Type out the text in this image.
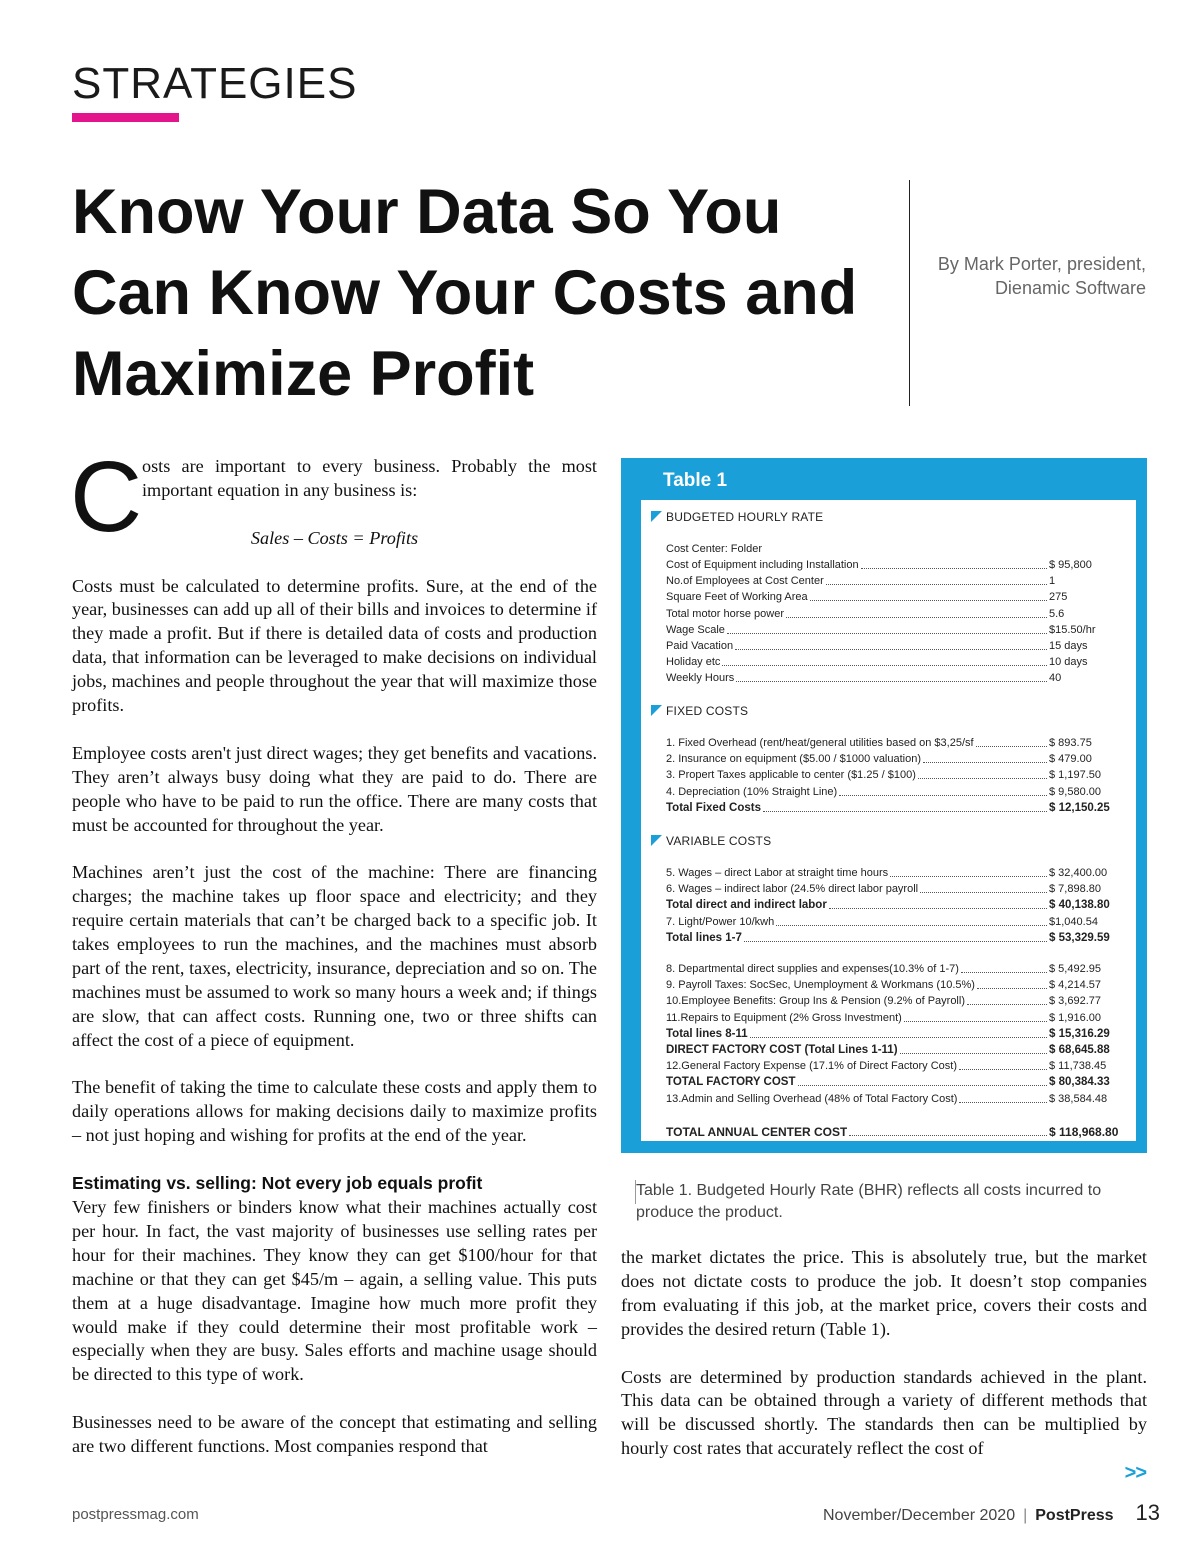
STRATEGIES
Know Your Data So You Can Know Your Costs and Maximize Profit
By Mark Porter, president, Dienamic Software
C osts are important to every business. Probably the most important equation in any business is:

Sales – Costs = Profits

Costs must be calculated to determine profits. Sure, at the end of the year, businesses can add up all of their bills and invoices to determine if they made a profit. But if there is detailed data of costs and production data, that information can be leveraged to make decisions on individual jobs, machines and people throughout the year that will maximize those profits.

Employee costs aren't just direct wages; they get benefits and vacations. They aren’t always busy doing what they are paid to do. There are people who have to be paid to run the office. There are many costs that must be accounted for throughout the year.

Machines aren’t just the cost of the machine: There are financing charges; the machine takes up floor space and electricity; and they require certain materials that can’t be charged back to a specific job. It takes employees to run the machines, and the machines must absorb part of the rent, taxes, electricity, insurance, depreciation and so on. The machines must be assumed to work so many hours a week and; if things are slow, that can affect costs. Running one, two or three shifts can affect the cost of a piece of equipment.

The benefit of taking the time to calculate these costs and apply them to daily operations allows for making decisions daily to maximize profits – not just hoping and wishing for profits at the end of the year.

Estimating vs. selling: Not every job equals profit

Very few finishers or binders know what their machines actually cost per hour. In fact, the vast majority of businesses use selling rates per hour for their machines. They know they can get $100/hour for that machine or that they can get $45/m – again, a selling value. This puts them at a huge disadvantage. Imagine how much more profit they would make if they could determine their most profitable work – especially when they are busy. Sales efforts and machine usage should be directed to this type of work.

Businesses need to be aware of the concept that estimating and selling are two different functions. Most companies respond that

Table 1
BUDGETED HOURLY RATE
Cost Center: Folder
Cost of Equipment including Installation	$ 95,800
No.of Employees at Cost Center	1
Square Feet of Working Area	275
Total motor horse power	5.6
Wage Scale	$15.50/hr
Paid Vacation	15 days
Holiday etc	10 days
Weekly Hours	40
FIXED COSTS
1. Fixed Overhead (rent/heat/general utilities based on $3,25/sf	$ 893.75
2. Insurance on equipment ($5.00 / $1000 valuation)	$ 479.00
3. Propert Taxes applicable to center ($1.25 / $100)	$ 1,197.50
4. Depreciation (10% Straight Line)	$ 9,580.00
Total Fixed Costs	$ 12,150.25
VARIABLE COSTS
5. Wages – direct Labor at straight time hours	$ 32,400.00
6. Wages – indirect labor (24.5% direct labor payroll	$ 7,898.80
Total direct and indirect labor	$ 40,138.80
7. Light/Power 10/kwh	$1,040.54
Total lines 1-7	$ 53,329.59
8. Departmental direct supplies and expenses(10.3% of 1-7)	$ 5,492.95
9. Payroll Taxes: SocSec, Unemployment & Workmans (10.5%)	$ 4,214.57
10.Employee Benefits: Group Ins & Pension (9.2% of Payroll)	$ 3,692.77
11.Repairs to Equipment (2% Gross Investment)	$ 1,916.00
Total lines 8-11	$ 15,316.29
DIRECT FACTORY COST (Total Lines 1-11)	$ 68,645.88
12.General Factory Expense (17.1% of Direct Factory Cost)	$ 11,738.45
TOTAL FACTORY COST	$ 80,384.33
13.Admin and Selling Overhead (48% of Total Factory Cost)	$ 38,584.48
TOTAL ANNUAL CENTER COST	$ 118,968.80
Table 1. Budgeted Hourly Rate (BHR) reflects all costs incurred to produce the product.

the market dictates the price. This is absolutely true, but the market does not dictate costs to produce the job. It doesn’t stop companies from evaluating if this job, at the market price, covers their costs and provides the desired return (Table 1).

Costs are determined by production standards achieved in the plant. This data can be obtained through a variety of different methods that will be discussed shortly. The standards then can be multiplied by hourly cost rates that accurately reflect the cost of

>>
postpressmag.com	November/December 2020 | PostPress 13
